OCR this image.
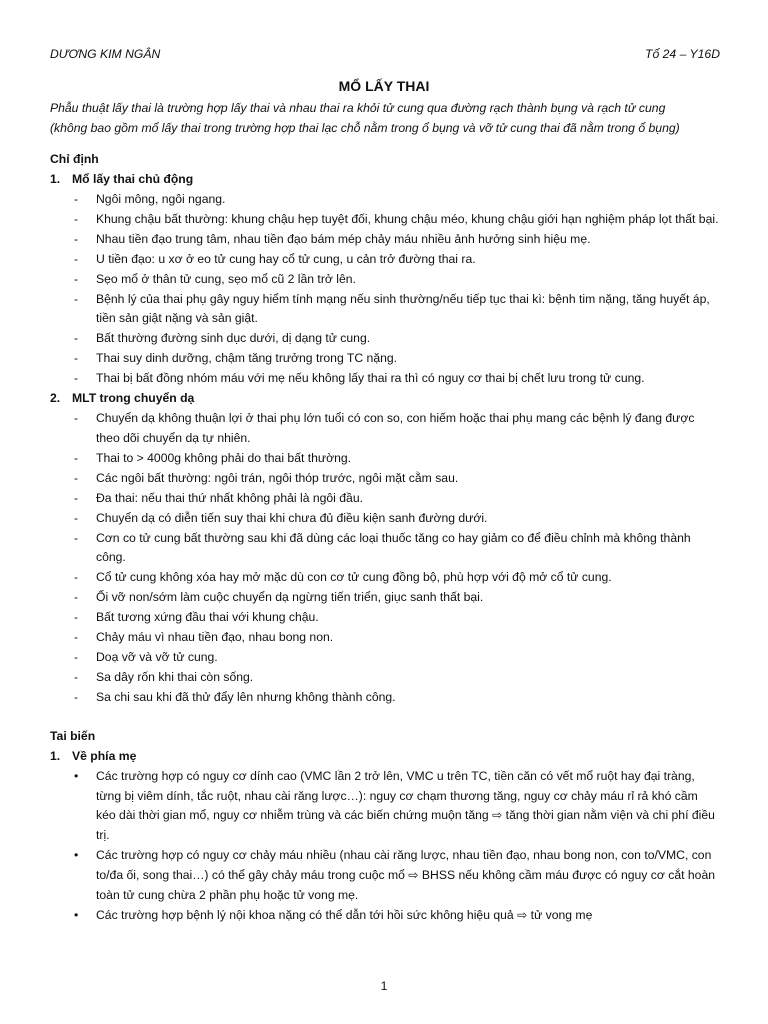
DƯƠNG KIM NGÂN	Tổ 24 – Y16D
MỔ LẤY THAI

Phẫu thuật lấy thai là trường hợp lấy thai và nhau thai ra khỏi tử cung qua đường rạch thành bụng và rạch tử cung

(không bao gồm mổ lấy thai trong trường hợp thai lạc chỗ nằm trong ổ bụng và vỡ tử cung thai đã nằm trong ổ bụng)

Chỉ định
1. Mổ lấy thai chủ động
- Ngôi mông, ngôi ngang.
- Khung chậu bất thường: khung chậu hẹp tuyệt đối, khung chậu méo, khung chậu giới hạn nghiệm pháp lọt thất bại.
- Nhau tiền đạo trung tâm, nhau tiền đạo bám mép chảy máu nhiều ảnh hưởng sinh hiệu mẹ.
- U tiền đạo: u xơ ở eo tử cung hay cổ tử cung, u cản trở đường thai ra.
- Sẹo mổ ở thân tử cung, sẹo mổ cũ 2 lần trở lên.
- Bệnh lý của thai phụ gây nguy hiểm tính mạng nếu sinh thường/nếu tiếp tục thai kì: bệnh tim nặng, tăng huyết áp, tiền sản giật nặng và sản giật.
- Bất thường đường sinh dục dưới, dị dạng tử cung.
- Thai suy dinh dưỡng, chậm tăng trưởng trong TC nặng.
- Thai bị bất đồng nhóm máu với mẹ nếu không lấy thai ra thì có nguy cơ thai bị chết lưu trong tử cung.
2. MLT trong chuyển dạ
- Chuyển dạ không thuận lợi ở thai phụ lớn tuổi có con so, con hiếm hoặc thai phụ mang các bệnh lý đang được theo dõi chuyển dạ tự nhiên.
- Thai to > 4000g không phải do thai bất thường.
- Các ngôi bất thường: ngôi trán, ngôi thóp trước, ngôi mặt cằm sau.
- Đa thai: nếu thai thứ nhất không phải là ngôi đầu.
- Chuyển dạ có diễn tiến suy thai khi chưa đủ điều kiện sanh đường dưới.
- Cơn co tử cung bất thường sau khi đã dùng các loại thuốc tăng co hay giảm co để điều chỉnh mà không thành công.
- Cổ tử cung không xóa hay mở mặc dù con cơ tử cung đồng bộ, phù hợp với độ mở cổ tử cung.
- Ối vỡ non/sớm làm cuộc chuyển dạ ngừng tiến triển, giục sanh thất bại.
- Bất tương xứng đầu thai với khung chậu.
- Chảy máu vì nhau tiền đạo, nhau bong non.
- Doạ vỡ và vỡ tử cung.
- Sa dây rốn khi thai còn sống.
- Sa chi sau khi đã thử đẩy lên nhưng không thành công.
Tai biến
1. Về phía mẹ
• Các trường hợp có nguy cơ dính cao (VMC lần 2 trở lên, VMC u trên TC, tiền căn có vết mổ ruột hay đại tràng, từng bị viêm dính, tắc ruột, nhau cài răng lược…): nguy cơ chạm thương tăng, nguy cơ chảy máu rỉ rả khó cầm kéo dài thời gian mổ, nguy cơ nhiễm trùng và các biến chứng muộn tăng ⇨ tăng thời gian nằm viện và chi phí điều trị.
• Các trường hợp có nguy cơ chảy máu nhiều (nhau cài răng lược, nhau tiền đạo, nhau bong non, con to/VMC, con to/đa ối, song thai…) có thể gây chảy máu trong cuộc mổ ⇨ BHSS nếu không cầm máu được có nguy cơ cắt hoàn toàn tử cung chừa 2 phần phụ hoặc tử vong mẹ.
• Các trường hợp bệnh lý nội khoa nặng có thể dẫn tới hồi sức không hiệu quả ⇨ tử vong mẹ
1
